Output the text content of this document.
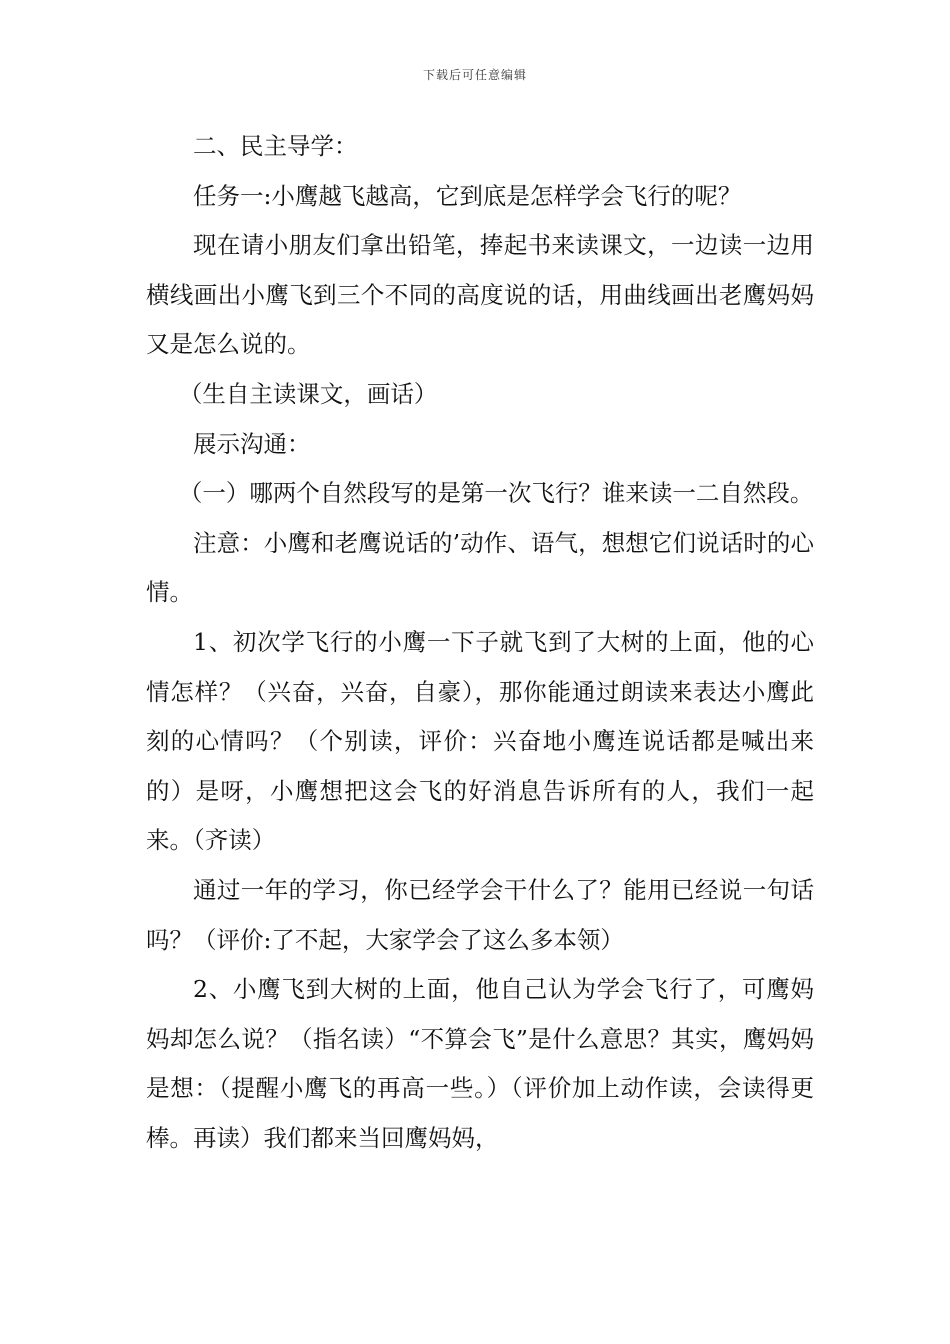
下载后可任意编辑

二、民主导学：

任务一:小鹰越飞越高，它到底是怎样学会飞行的呢？

现在请小朋友们拿出铅笔，捧起书来读课文，一边读一边用横线画出小鹰飞到三个不同的高度说的话，用曲线画出老鹰妈妈又是怎么说的。

（生自主读课文，画话）

展示沟通：

（一）哪两个自然段写的是第一次飞行？谁来读一二自然段。

注意：小鹰和老鹰说话的’动作、语气，想想它们说话时的心情。

1、初次学飞行的小鹰一下子就飞到了大树的上面，他的心情怎样？（兴奋，兴奋，自豪），那你能通过朗读来表达小鹰此刻的心情吗？（个别读，评价：兴奋地小鹰连说话都是喊出来的）是呀，小鹰想把这会飞的好消息告诉所有的人，我们一起来。（齐读）

通过一年的学习，你已经学会干什么了？能用已经说一句话吗？（评价:了不起，大家学会了这么多本领）

2、小鹰飞到大树的上面，他自己认为学会飞行了，可鹰妈妈却怎么说？（指名读）“不算会飞”是什么意思？其实，鹰妈妈是想：（提醒小鹰飞的再高一些。）（评价加上动作读，会读得更棒。再读）我们都来当回鹰妈妈，
